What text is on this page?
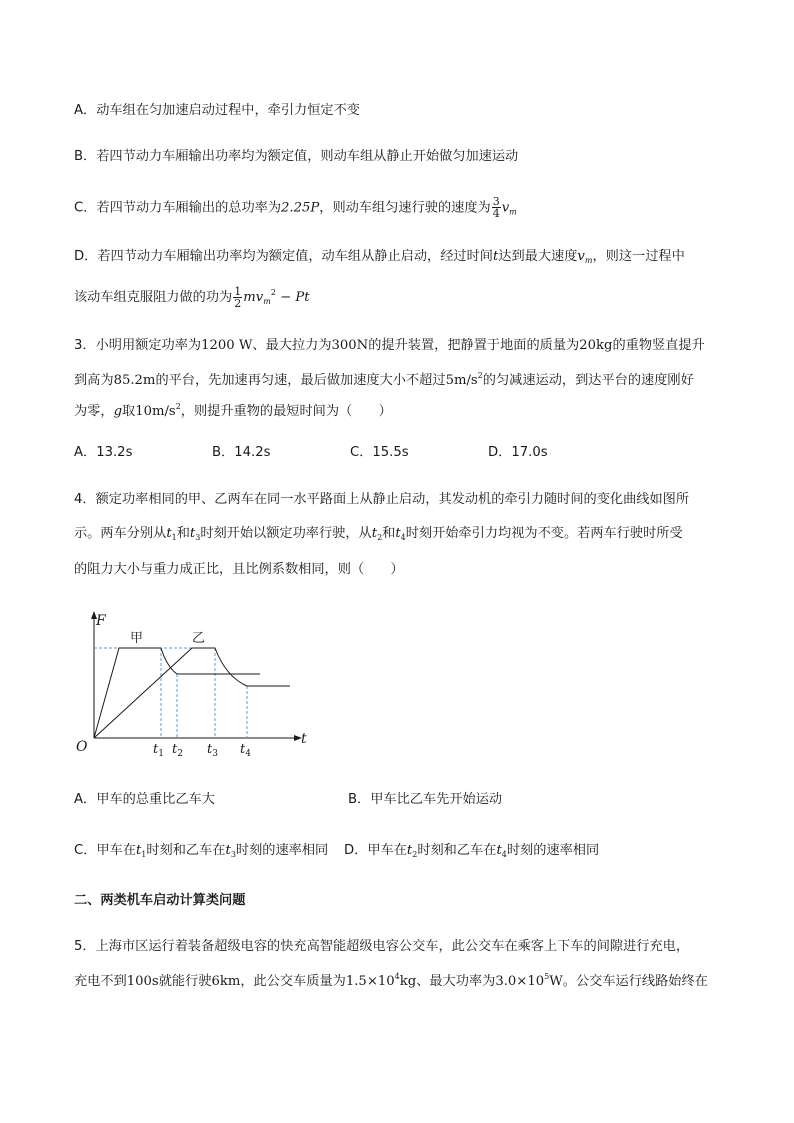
A．动车组在匀加速启动过程中，牵引力恒定不变
B．若四节动力车厢输出功率均为额定值，则动车组从静止开始做匀加速运动
C．若四节动力车厢输出的总功率为2.25P，则动车组匀速行驶的速度为 $\frac{3}{4} v_m$
D．若四节动力车厢输出功率均为额定值，动车组从静止启动，经过时间t达到最大速度$v_m$，则这一过程中
该动车组克服阻力做的功为 $\frac{1}{2} mv_m^2 - Pt$
3．小明用额定功率为1200 W、最大拉力为300N的提升装置，把静置于地面的质量为20kg的重物竖直提升
到高为85.2m的平台，先加速再匀速，最后做加速度大小不超过$5m/s^2$的匀减速运动，到达平台的速度刚好
为零，g取$10m/s^2$，则提升重物的最短时间为（　　）
A．13.2s	B．14.2s	C．15.5s	D．17.0s
4．额定功率相同的甲、乙两车在同一水平路面上从静止启动，其发动机的牵引力随时间的变化曲线如图所
示。两车分别从$t_1$和$t_3$时刻开始以额定功率行驶，从$t_2$和$t_4$时刻开始牵引力均视为不变。若两车行驶时所受
的阻力大小与重力成正比，且比例系数相同，则（　　）
F
t
O
甲	乙
$t_1$ $t_2$ $t_3$ $t_4$
A．甲车的总重比乙车大	B．甲车比乙车先开始运动
C．甲车在$t_1$时刻和乙车在$t_3$时刻的速率相同 D．甲车在$t_2$时刻和乙车在$t_4$时刻的速率相同
二、两类机车启动计算类问题
5．上海市区运行着装备超级电容的快充高智能超级电容公交车，此公交车在乘客上下车的间隙进行充电，
充电不到100s就能行驶6km，此公交车质量为$1.5\times 10^4kg$、最大功率为$3.0\times 10^5W$。公交车运行线路始终在
